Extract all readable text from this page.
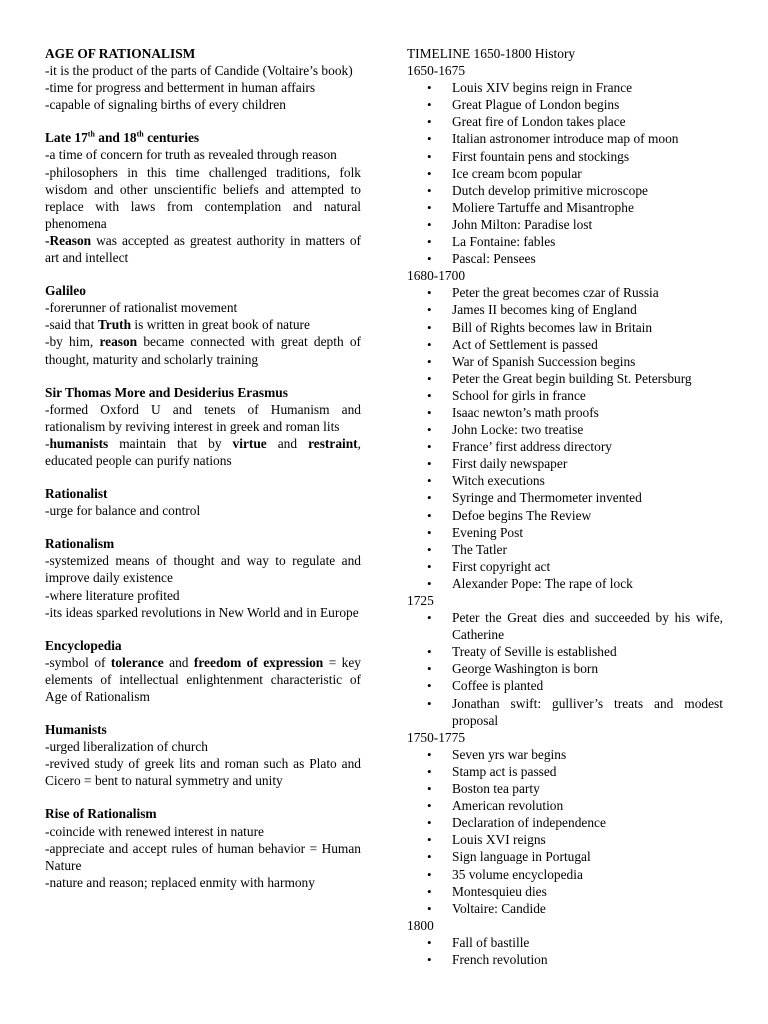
AGE OF RATIONALISM
-it is the product of the parts of Candide (Voltaire’s book)
-time for progress and betterment in human affairs
-capable of signaling births of every children
Late 17th and 18th centuries
-a time of concern for truth as revealed through reason
-philosophers in this time challenged traditions, folk wisdom and other unscientific beliefs and attempted to replace with laws from contemplation and natural phenomena
-Reason was accepted as greatest authority in matters of art and intellect
Galileo
-forerunner of rationalist movement
-said that Truth is written in great book of nature
-by him, reason became connected with great depth of thought, maturity and scholarly training
Sir Thomas More and Desiderius Erasmus
-formed Oxford U and tenets of Humanism and rationalism by reviving interest in greek and roman lits
-humanists maintain that by virtue and restraint, educated people can purify nations
Rationalist
-urge for balance and control
Rationalism
-systemized means of thought and way to regulate and improve daily existence
-where literature profited
-its ideas sparked revolutions in New World and in Europe
Encyclopedia
-symbol of tolerance and freedom of expression = key elements of intellectual enlightenment characteristic of Age of Rationalism
Humanists
-urged liberalization of church
-revived study of greek lits and roman such as Plato and Cicero = bent to natural symmetry and unity
Rise of Rationalism
-coincide with renewed interest in nature
-appreciate and accept rules of human behavior = Human Nature
-nature and reason; replaced enmity with harmony
TIMELINE 1650-1800 History
1650-1675
• Louis XIV begins reign in France
• Great Plague of London begins
• Great fire of London takes place
• Italian astronomer introduce map of moon
• First fountain pens and stockings
• Ice cream bcom popular
• Dutch develop primitive microscope
• Moliere Tartuffe and Misantrophe
• John Milton: Paradise lost
• La Fontaine: fables
• Pascal: Pensees
1680-1700
• Peter the great becomes czar of Russia
• James II becomes king of England
• Bill of Rights becomes law in Britain
• Act of Settlement is passed
• War of Spanish Succession begins
• Peter the Great begin building St. Petersburg
• School for girls in france
• Isaac newton’s math proofs
• John Locke: two treatise
• France’ first address directory
• First daily newspaper
• Witch executions
• Syringe and Thermometer invented
• Defoe begins The Review
• Evening Post
• The Tatler
• First copyright act
• Alexander Pope: The rape of lock
1725
• Peter the Great dies and succeeded by his wife, Catherine
• Treaty of Seville is established
• George Washington is born
• Coffee is planted
• Jonathan swift: gulliver’s treats and modest proposal
1750-1775
• Seven yrs war begins
• Stamp act is passed
• Boston tea party
• American revolution
• Declaration of independence
• Louis XVI reigns
• Sign language in Portugal
• 35 volume encyclopedia
• Montesquieu dies
• Voltaire: Candide
1800
• Fall of bastille
• French revolution
